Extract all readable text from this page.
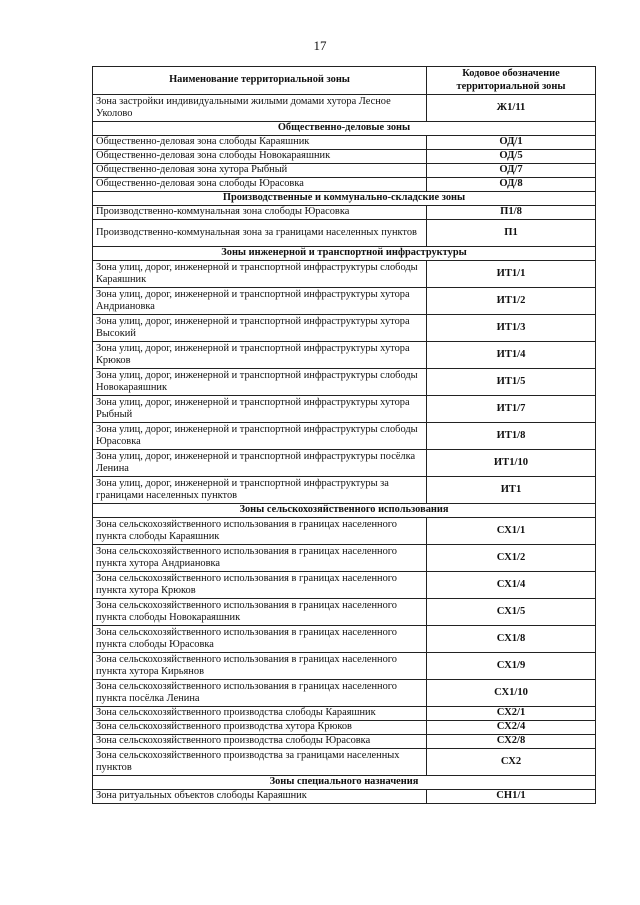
17
Наименование территориальной зоны	Кодовое обозначение территориальной зоны
Зона застройки индивидуальными жилыми домами хутора Лесное Уколово	Ж1/11
Общественно-деловые зоны	
Общественно-деловая зона слободы Караяшник	ОД/1
Общественно-деловая зона слободы Новокараяшник	ОД/5
Общественно-деловая зона хутора Рыбный	ОД/7
Общественно-деловая зона слободы Юрасовка	ОД/8
Производственные и коммунально-складские зоны	
Производственно-коммунальная зона слободы Юрасовка	П1/8
Производственно-коммунальная зона за границами населенных пунктов	П1
Зоны инженерной и транспортной инфраструктуры	
Зона улиц, дорог, инженерной и транспортной инфраструктуры слободы Караяшник	ИТ1/1
Зона улиц, дорог, инженерной и транспортной инфраструктуры хутора Андриановка	ИТ1/2
Зона улиц, дорог, инженерной и транспортной инфраструктуры хутора Высокий	ИТ1/3
Зона улиц, дорог, инженерной и транспортной инфраструктуры хутора Крюков	ИТ1/4
Зона улиц, дорог, инженерной и транспортной инфраструктуры слободы Новокараяшник	ИТ1/5
Зона улиц, дорог, инженерной и транспортной инфраструктуры хутора Рыбный	ИТ1/7
Зона улиц, дорог, инженерной и транспортной инфраструктуры слободы Юрасовка	ИТ1/8
Зона улиц, дорог, инженерной и транспортной инфраструктуры посёлка Ленина	ИТ1/10
Зона улиц, дорог, инженерной и транспортной инфраструктуры за границами населенных пунктов	ИТ1
Зоны сельскохозяйственного использования	
Зона сельскохозяйственного использования в границах населенного пункта слободы Караяшник	СХ1/1
Зона сельскохозяйственного использования в границах населенного пункта хутора Андриановка	СХ1/2
Зона сельскохозяйственного использования в границах населенного пункта хутора Крюков	СХ1/4
Зона сельскохозяйственного использования в границах населенного пункта слободы Новокараяшник	СХ1/5
Зона сельскохозяйственного использования в границах населенного пункта слободы Юрасовка	СХ1/8
Зона сельскохозяйственного использования в границах населенного пункта хутора Кирьянов	СХ1/9
Зона сельскохозяйственного использования в границах населенного пункта посёлка Ленина	СХ1/10
Зона сельскохозяйственного производства слободы Караяшник	СХ2/1
Зона сельскохозяйственного производства хутора Крюков	СХ2/4
Зона сельскохозяйственного производства слободы Юрасовка	СХ2/8
Зона сельскохозяйственного производства за границами населенных пунктов	СХ2
Зоны специального назначения	
Зона ритуальных объектов слободы Караяшник	СН1/1
